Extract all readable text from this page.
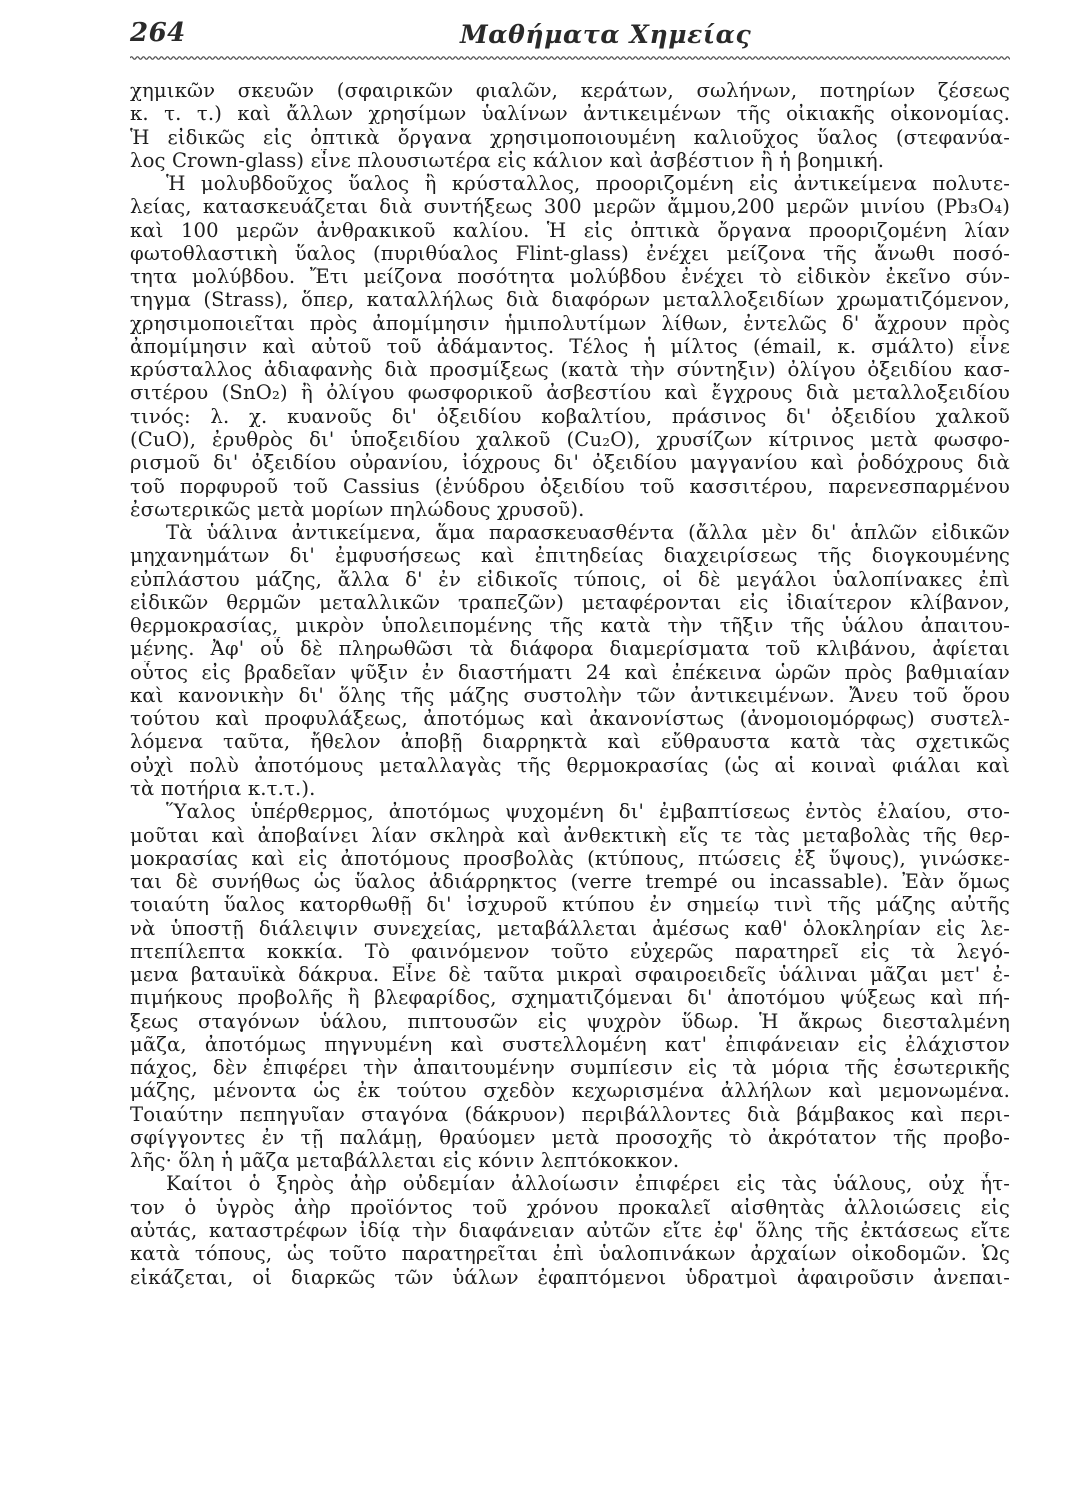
264	Μαθήματα Χημείας
χημικῶν σκευῶν (σφαιρικῶν φιαλῶν, κεράτων, σωλήνων, ποτηρίων ζέσεως
κ. τ. τ.) καὶ ἄλλων χρησίμων ὑαλίνων ἀντικειμένων τῆς οἰκιακῆς οἰκονομίας.
Ἡ εἰδικῶς εἰς ὀπτικὰ ὄργανα χρησιμοποιουμένη καλιοῦχος ὕαλος (στεφανύα-
λος Crown-glass) εἶνε πλουσιωτέρα εἰς κάλιον καὶ ἀσβέστιον ἢ ἡ βοημική.
Ἡ μολυβδοῦχος ὕαλος ἢ κρύσταλλος, προοριζομένη εἰς ἀντικείμενα πολυτε-
λείας, κατασκευάζεται διὰ συντήξεως 300 μερῶν ἄμμου,200 μερῶν μινίου (Pb₃O₄)
καὶ 100 μερῶν ἀνθρακικοῦ καλίου. Ἡ εἰς ὀπτικὰ ὄργανα προοριζομένη λίαν
φωτοθλαστικὴ ὕαλος (πυριθύαλος Flint-glass) ἐνέχει μείζονα τῆς ἄνωθι ποσό-
τητα μολύβδου. Ἔτι μείζονα ποσότητα μολύβδου ἐνέχει τὸ εἰδικὸν ἐκεῖνο σύν-
τηγμα (Strass), ὅπερ, καταλλήλως διὰ διαφόρων μεταλλοξειδίων χρωματιζόμενον,
χρησιμοποιεῖται πρὸς ἀπομίμησιν ἡμιπολυτίμων λίθων, ἐντελῶς δ' ἄχρουν πρὸς
ἀπομίμησιν καὶ αὐτοῦ τοῦ ἀδάμαντος. Τέλος ἡ μίλτος (émail, κ. σμάλτο) εἶνε
κρύσταλλος ἀδιαφανὴς διὰ προσμίξεως (κατὰ τὴν σύντηξιν) ὀλίγου ὀξειδίου κασ-
σιτέρου (SnO₂) ἢ ὀλίγου φωσφορικοῦ ἀσβεστίου καὶ ἔγχρους διὰ μεταλλοξειδίου
τινός: λ. χ. κυανοῦς δι' ὀξειδίου κοβαλτίου, πράσινος δι' ὀξειδίου χαλκοῦ
(CuO), ἐρυθρὸς δι' ὑποξειδίου χαλκοῦ (Cu₂O), χρυσίζων κίτρινος μετὰ φωσφο-
ρισμοῦ δι' ὀξειδίου οὐρανίου, ἰόχρους δι' ὀξειδίου μαγγανίου καὶ ῥοδόχρους διὰ
τοῦ πορφυροῦ τοῦ Cassius (ἐνύδρου ὀξειδίου τοῦ κασσιτέρου, παρενεσπαρμένου
ἐσωτερικῶς μετὰ μορίων πηλώδους χρυσοῦ).
Τὰ ὑάλινα ἀντικείμενα, ἅμα παρασκευασθέντα (ἄλλα μὲν δι' ἁπλῶν εἰδικῶν
μηχανημάτων δι' ἐμφυσήσεως καὶ ἐπιτηδείας διαχειρίσεως τῆς διογκουμένης
εὐπλάστου μάζης, ἄλλα δ' ἐν εἰδικοῖς τύποις, οἱ δὲ μεγάλοι ὑαλοπίνακες ἐπὶ
εἰδικῶν θερμῶν μεταλλικῶν τραπεζῶν) μεταφέρονται εἰς ἰδιαίτερον κλίβανον,
θερμοκρασίας, μικρὸν ὑπολειπομένης τῆς κατὰ τὴν τῆξιν τῆς ὑάλου ἀπαιτου-
μένης. Ἀφ' οὗ δὲ πληρωθῶσι τὰ διάφορα διαμερίσματα τοῦ κλιβάνου, ἀφίεται
οὗτος εἰς βραδεῖαν ψῦξιν ἐν διαστήματι 24 καὶ ἐπέκεινα ὡρῶν πρὸς βαθμιαίαν
καὶ κανονικὴν δι' ὅλης τῆς μάζης συστολὴν τῶν ἀντικειμένων. Ἄνευ τοῦ ὅρου
τούτου καὶ προφυλάξεως, ἀποτόμως καὶ ἀκανονίστως (ἀνομοιομόρφως) συστελ-
λόμενα ταῦτα, ἤθελον ἀποβῇ διαρρηκτὰ καὶ εὔθραυστα κατὰ τὰς σχετικῶς
οὐχὶ πολὺ ἀποτόμους μεταλλαγὰς τῆς θερμοκρασίας (ὡς αἱ κοιναὶ φιάλαι καὶ
τὰ ποτήρια κ.τ.τ.).
Ὕαλος ὑπέρθερμος, ἀποτόμως ψυχομένη δι' ἐμβαπτίσεως ἐντὸς ἐλαίου, στο-
μοῦται καὶ ἀποβαίνει λίαν σκληρὰ καὶ ἀνθεκτικὴ εἴς τε τὰς μεταβολὰς τῆς θερ-
μοκρασίας καὶ εἰς ἀποτόμους προσβολὰς (κτύπους, πτώσεις ἐξ ὕψους), γινώσκε-
ται δὲ συνήθως ὡς ὕαλος ἀδιάρρηκτος (verre trempé ou incassable). Ἐὰν ὅμως
τοιαύτη ὕαλος κατορθωθῇ δι' ἰσχυροῦ κτύπου ἐν σημείῳ τινὶ τῆς μάζης αὐτῆς
νὰ ὑποστῇ διάλειψιν συνεχείας, μεταβάλλεται ἀμέσως καθ' ὁλοκληρίαν εἰς λε-
πτεπίλεπτα κοκκία. Τὸ φαινόμενον τοῦτο εὐχερῶς παρατηρεῖ εἰς τὰ λεγό-
μενα βαταυϊκὰ δάκρυα. Εἶνε δὲ ταῦτα μικραὶ σφαιροειδεῖς ὑάλιναι μᾶζαι μετ' ἐ-
πιμήκους προβολῆς ἢ βλεφαρίδος, σχηματιζόμεναι δι' ἀποτόμου ψύξεως καὶ πή-
ξεως σταγόνων ὑάλου, πιπτουσῶν εἰς ψυχρὸν ὕδωρ. Ἡ ἄκρως διεσταλμένη
μᾶζα, ἀποτόμως πηγνυμένη καὶ συστελλομένη κατ' ἐπιφάνειαν εἰς ἐλάχιστον
πάχος, δὲν ἐπιφέρει τὴν ἀπαιτουμένην συμπίεσιν εἰς τὰ μόρια τῆς ἐσωτερικῆς
μάζης, μένοντα ὡς ἐκ τούτου σχεδὸν κεχωρισμένα ἀλλήλων καὶ μεμονωμένα.
Τοιαύτην πεπηγυῖαν σταγόνα (δάκρυον) περιβάλλοντες διὰ βάμβακος καὶ περι-
σφίγγοντες ἐν τῇ παλάμῃ, θραύομεν μετὰ προσοχῆς τὸ ἀκρότατον τῆς προβο-
λῆς· ὅλη ἡ μᾶζα μεταβάλλεται εἰς κόνιν λεπτόκοκκον.
Καίτοι ὁ ξηρὸς ἀὴρ οὐδεμίαν ἀλλοίωσιν ἐπιφέρει εἰς τὰς ὑάλους, οὐχ ἧτ-
τον ὁ ὑγρὸς ἀὴρ προϊόντος τοῦ χρόνου προκαλεῖ αἰσθητὰς ἀλλοιώσεις εἰς
αὐτάς, καταστρέφων ἰδίᾳ τὴν διαφάνειαν αὐτῶν εἴτε ἐφ' ὅλης τῆς ἐκτάσεως εἴτε
κατὰ τόπους, ὡς τοῦτο παρατηρεῖται ἐπὶ ὑαλοπινάκων ἀρχαίων οἰκοδομῶν. Ὡς
εἰκάζεται, οἱ διαρκῶς τῶν ὑάλων ἐφαπτόμενοι ὑδρατμοὶ ἀφαιροῦσιν ἀνεπαι-
